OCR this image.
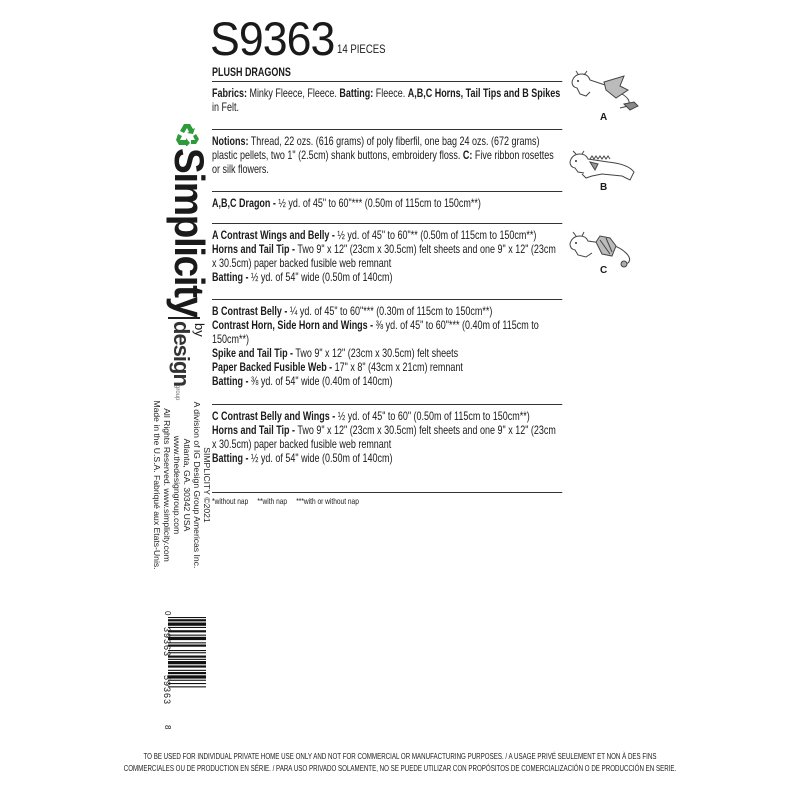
S9363 14 PIECES
PLUSH DRAGONS

Fabrics: Minky Fleece, Fleece. Batting: Fleece. A,B,C Horns, Tail Tips and B Spikes in Felt.

Notions: Thread, 22 ozs. (616 grams) of poly fiberfil, one bag 24 ozs. (672 grams) plastic pellets, two 1" (2.5cm) shank buttons, embroidery floss. C: Five ribbon rosettes or silk flowers.

A,B,C Dragon - ½ yd. of 45" to 60"*** (0.50m of 115cm to 150cm**)

A Contrast Wings and Belly - ½ yd. of 45" to 60"** (0.50m of 115cm to 150cm**)

Horns and Tail Tip - Two 9" x 12" (23cm x 30.5cm) felt sheets and one 9" x 12" (23cm x 30.5cm) paper backed fusible web remnant

Batting - ½ yd. of 54" wide (0.50m of 140cm)

B Contrast Belly - ¼ yd. of 45" to 60"*** (0.30m of 115cm to 150cm**)

Contrast Horn, Side Horn and Wings - ⅜ yd. of 45" to 60"*** (0.40m of 115cm to 150cm**)

Spike and Tail Tip - Two 9" x 12" (23cm x 30.5cm) felt sheets

Paper Backed Fusible Web - 17" x 8" (43cm x 21cm) remnant

Batting - ⅜ yd. of 54" wide (0.40m of 140cm)

C Contrast Belly and Wings - ½ yd. of 45" to 60" (0.50m of 115cm to 150cm**)

Horns and Tail Tip - Two 9" x 12" (23cm x 30.5cm) felt sheets and one 9" x 12" (23cm x 30.5cm) paper backed fusible web remnant

Batting - ½ yd. of 54" wide (0.50m of 140cm)

*without nap **with nap ***with or without nap
A
B
C
Simplicity
by
design
group
SIMPLICITY ©2021
A division of IG Design Group Americas Inc.
Atlanta, GA. 30342 USA www.thedesigngroup.com
All Rights Reserved. www.simplicity.com
Made in the U.S.A. Fabriqué aux Etats-Unis.
0
39363
59363
8
TO BE USED FOR INDIVIDUAL PRIVATE HOME USE ONLY AND NOT FOR COMMERCIAL OR MANUFACTURING PURPOSES. / A USAGE PRIVÉ SEULEMENT ET NON À DES FINS
COMMERCIALES OU DE PRODUCTION EN SÉRIE. / PARA USO PRIVADO SOLAMENTE, NO SE PUEDE UTILIZAR CON PROPÓSITOS DE COMERCIALIZACIÓN O DE PRODUCCIÓN EN SERIE.
